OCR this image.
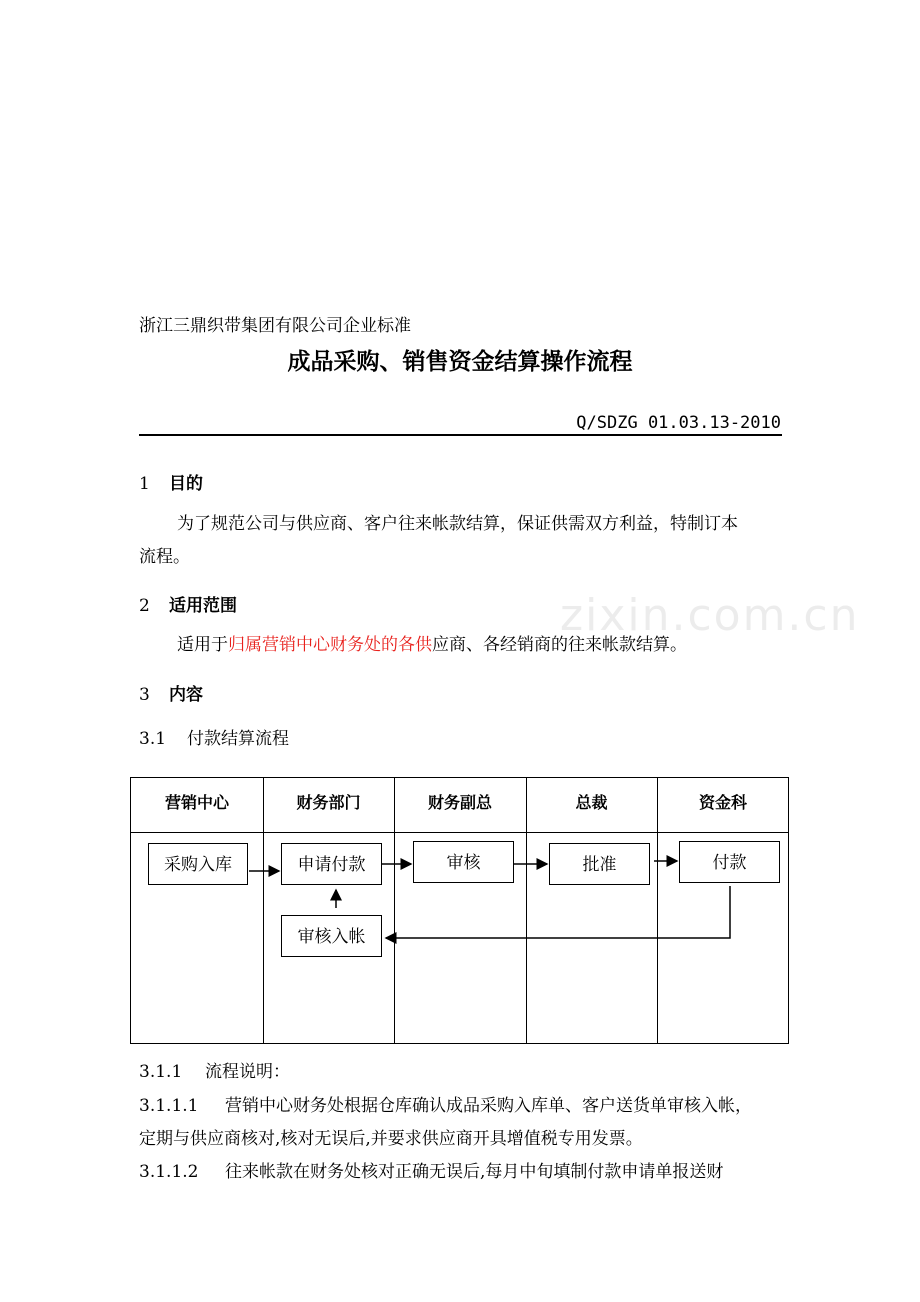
浙江三鼎织带集团有限公司企业标准
成品采购、销售资金结算操作流程
Q/SDZG 01.03.13-2010
zixin.com.cn
1 目的
为了规范公司与供应商、客户往来帐款结算，保证供需双方利益，特制订本
流程。
2 适用范围
适用于归属营销中心财务处的各供应商、各经销商的往来帐款结算。
3 内容
3.1 付款结算流程
营销中心	财务部门	财务副总	总裁	资金科
采购入库	申请付款	审核	批准	付款
审核入帐
3.1.1 流程说明：
3.1.1.1 营销中心财务处根据仓库确认成品采购入库单、客户送货单审核入帐，
定期与供应商核对,核对无误后,并要求供应商开具增值税专用发票。
3.1.1.2 往来帐款在财务处核对正确无误后,每月中旬填制付款申请单报送财
